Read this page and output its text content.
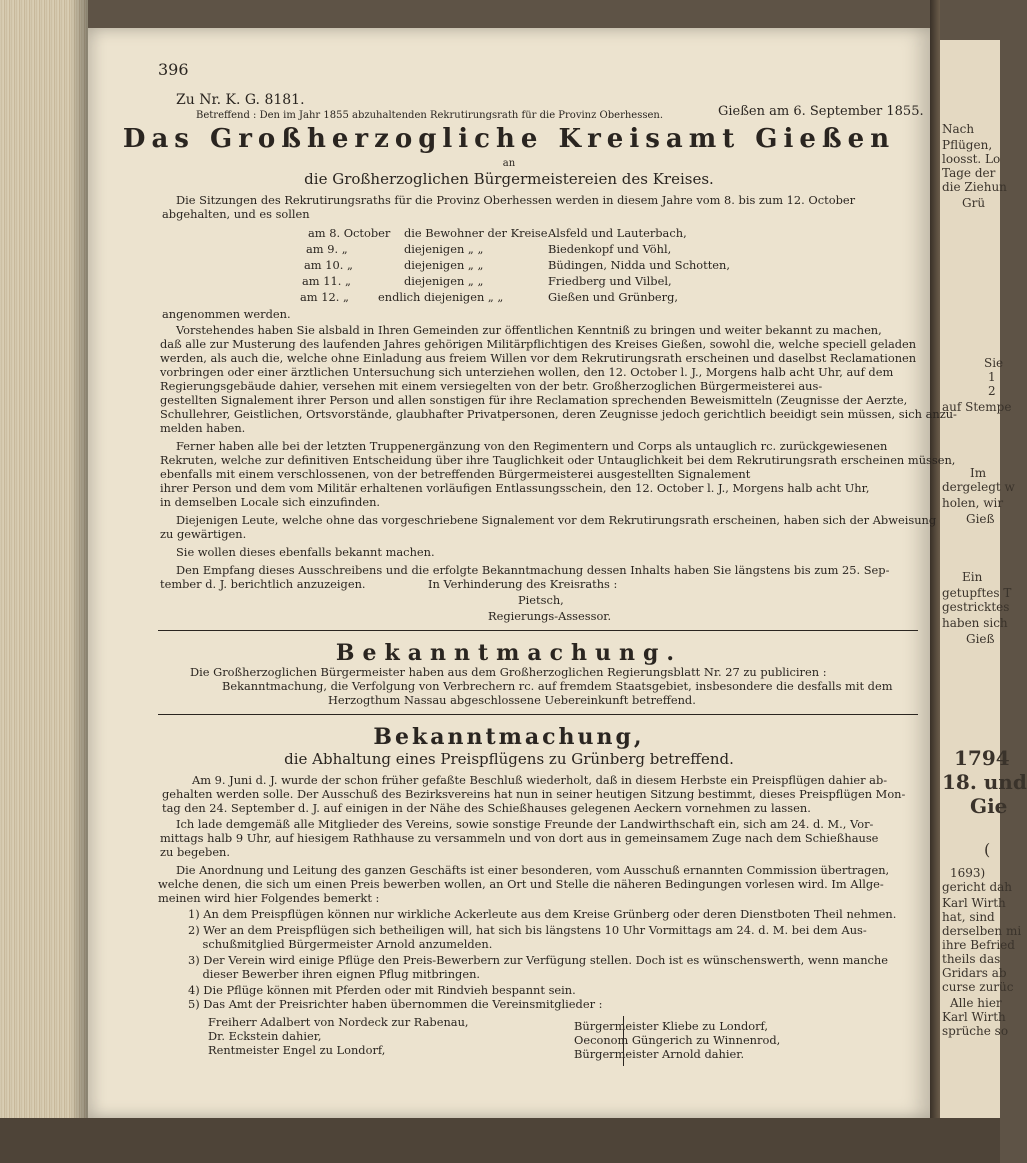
Nach
Pflügen,
loosst. Lo
Tage der
die Ziehun
Grü
Sie
1
2
auf Stempe
Im
dergelegt w
holen, wir
Gieß
Ein
getupftes T
gestricktes
haben sich
Gieß
1794
18. und
Gie
(
1693)
gericht dah
Karl Wirth
hat, sind
derselben mi
ihre Befried
theils das
Gridars ab
curse zurüc
Alle hier
Karl Wirth
sprüche so
396
Zu Nr. K. G. 8181.
Betreffend : Den im Jahr 1855 abzuhaltenden Rekrutirungsrath für die Provinz Oberhessen.	Gießen am 6. September 1855.
Das Großherzogliche Kreisamt Gießen
an
die Großherzoglichen Bürgermeistereien des Kreises.
Die Sitzungen des Rekrutirungsraths für die Provinz Oberhessen werden in diesem Jahre vom 8. bis zum 12. October
abgehalten, und es sollen
am 8. October die Bewohner der Kreise Alsfeld und Lauterbach,
am 9. „	diejenigen „ „	Biedenkopf und Vöhl,
am 10. „	diejenigen „ „	Büdingen, Nidda und Schotten,
am 11. „	diejenigen „ „	Friedberg und Vilbel,
am 12. „	endlich diejenigen „ „	Gießen und Grünberg,
angenommen werden.
Vorstehendes haben Sie alsbald in Ihren Gemeinden zur öffentlichen Kenntniß zu bringen und weiter bekannt zu machen,
daß alle zur Musterung des laufenden Jahres gehörigen Militärpflichtigen des Kreises Gießen, sowohl die, welche speciell geladen
werden, als auch die, welche ohne Einladung aus freiem Willen vor dem Rekrutirungsrath erscheinen und daselbst Reclamationen
vorbringen oder einer ärztlichen Untersuchung sich unterziehen wollen, den 12. October l. J., Morgens halb acht Uhr, auf dem
Regierungsgebäude dahier, versehen mit einem versiegelten von der betr. Großherzoglichen Bürgermeisterei aus-
gestellten Signalement ihrer Person und allen sonstigen für ihre Reclamation sprechenden Beweismitteln (Zeugnisse der Aerzte,
Schullehrer, Geistlichen, Ortsvorstände, glaubhafter Privatpersonen, deren Zeugnisse jedoch gerichtlich beeidigt sein müssen, sich anzu-
melden haben.
Ferner haben alle bei der letzten Truppenergänzung von den Regimentern und Corps als untauglich rc. zurückgewiesenen
Rekruten, welche zur definitiven Entscheidung über ihre Tauglichkeit oder Untauglichkeit bei dem Rekrutirungsrath erscheinen müssen,
ebenfalls mit einem verschlossenen, von der betreffenden Bürgermeisterei ausgestellten Signalement
ihrer Person und dem vom Militär erhaltenen vorläufigen Entlassungsschein, den 12. October l. J., Morgens halb acht Uhr,
in demselben Locale sich einzufinden.
Diejenigen Leute, welche ohne das vorgeschriebene Signalement vor dem Rekrutirungsrath erscheinen, haben sich der Abweisung
zu gewärtigen.
Sie wollen dieses ebenfalls bekannt machen.
Den Empfang dieses Ausschreibens und die erfolgte Bekanntmachung dessen Inhalts haben Sie längstens bis zum 25. Sep-
tember d. J. berichtlich anzuzeigen.	In Verhinderung des Kreisraths :
Pietsch,
Regierungs-Assessor.
Bekanntmachung.
Die Großherzoglichen Bürgermeister haben aus dem Großherzoglichen Regierungsblatt Nr. 27 zu publiciren :
Bekanntmachung, die Verfolgung von Verbrechern rc. auf fremdem Staatsgebiet, insbesondere die desfalls mit dem
Herzogthum Nassau abgeschlossene Uebereinkunft betreffend.
Bekanntmachung,
die Abhaltung eines Preispflügens zu Grünberg betreffend.
Am 9. Juni d. J. wurde der schon früher gefaßte Beschluß wiederholt, daß in diesem Herbste ein Preispflügen dahier ab-
gehalten werden solle. Der Ausschuß des Bezirksvereins hat nun in seiner heutigen Sitzung bestimmt, dieses Preispflügen Mon-
tag den 24. September d. J. auf einigen in der Nähe des Schießhauses gelegenen Aeckern vornehmen zu lassen.
Ich lade demgemäß alle Mitglieder des Vereins, sowie sonstige Freunde der Landwirthschaft ein, sich am 24. d. M., Vor-
mittags halb 9 Uhr, auf hiesigem Rathhause zu versammeln und von dort aus in gemeinsamem Zuge nach dem Schießhause
zu begeben.
Die Anordnung und Leitung des ganzen Geschäfts ist einer besonderen, vom Ausschuß ernannten Commission übertragen,
welche denen, die sich um einen Preis bewerben wollen, an Ort und Stelle die näheren Bedingungen vorlesen wird. Im Allge-
meinen wird hier Folgendes bemerkt :
1) An dem Preispflügen können nur wirkliche Ackerleute aus dem Kreise Grünberg oder deren Dienstboten Theil nehmen.
2) Wer an dem Preispflügen sich betheiligen will, hat sich bis längstens 10 Uhr Vormittags am 24. d. M. bei dem Aus-
schußmitglied Bürgermeister Arnold anzumelden.
3) Der Verein wird einige Pflüge den Preis-Bewerbern zur Verfügung stellen. Doch ist es wünschenswerth, wenn manche
dieser Bewerber ihren eignen Pflug mitbringen.
4) Die Pflüge können mit Pferden oder mit Rindvieh bespannt sein.
5) Das Amt der Preisrichter haben übernommen die Vereinsmitglieder :
Freiherr Adalbert von Nordeck zur Rabenau,
Dr. Eckstein dahier,
Rentmeister Engel zu Londorf,
Bürgermeister Kliebe zu Londorf,
Oeconom Güngerich zu Winnenrod,
Bürgermeister Arnold dahier.
